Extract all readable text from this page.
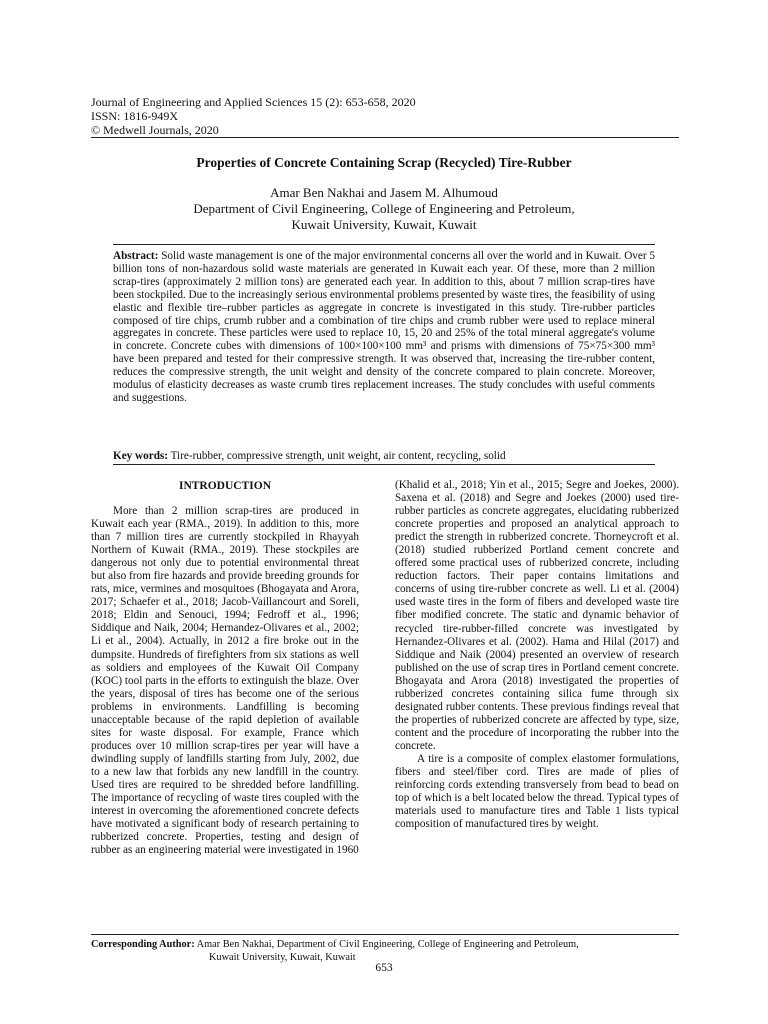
Journal of Engineering and Applied Sciences 15 (2): 653-658, 2020
ISSN: 1816-949X
© Medwell Journals, 2020
Properties of Concrete Containing Scrap (Recycled) Tire-Rubber
Amar Ben Nakhai and Jasem M. Alhumoud
Department of Civil Engineering, College of Engineering and Petroleum,
Kuwait University, Kuwait, Kuwait
Abstract: Solid waste management is one of the major environmental concerns all over the world and in Kuwait. Over 5 billion tons of non-hazardous solid waste materials are generated in Kuwait each year. Of these, more than 2 million scrap-tires (approximately 2 million tons) are generated each year. In addition to this, about 7 million scrap-tires have been stockpiled. Due to the increasingly serious environmental problems presented by waste tires, the feasibility of using elastic and flexible tire–rubber particles as aggregate in concrete is investigated in this study. Tire-rubber particles composed of tire chips, crumb rubber and a combination of tire chips and crumb rubber were used to replace mineral aggregates in concrete. These particles were used to replace 10, 15, 20 and 25% of the total mineral aggregate's volume in concrete. Concrete cubes with dimensions of 100×100×100 mm³ and prisms with dimensions of 75×75×300 mm³ have been prepared and tested for their compressive strength. It was observed that, increasing the tire-rubber content, reduces the compressive strength, the unit weight and density of the concrete compared to plain concrete. Moreover, modulus of elasticity decreases as waste crumb tires replacement increases. The study concludes with useful comments and suggestions.
Key words: Tire-rubber, compressive strength, unit weight, air content, recycling, solid
INTRODUCTION

More than 2 million scrap-tires are produced in Kuwait each year (RMA., 2019). In addition to this, more than 7 million tires are currently stockpiled in Rhayyah Northern of Kuwait (RMA., 2019). These stockpiles are dangerous not only due to potential environmental threat but also from fire hazards and provide breeding grounds for rats, mice, vermines and mosquitoes (Bhogayata and Arora, 2017; Schaefer et al., 2018; Jacob-Vaillancourt and Soreli, 2018; Eldin and Senouci, 1994; Fedroff et al., 1996; Siddique and Naik, 2004; Hernandez-Olivares et al., 2002; Li et al., 2004). Actually, in 2012 a fire broke out in the dumpsite. Hundreds of firefighters from six stations as well as soldiers and employees of the Kuwait Oil Company (KOC) tool parts in the efforts to extinguish the blaze. Over the years, disposal of tires has become one of the serious problems in environments. Landfilling is becoming unacceptable because of the rapid depletion of available sites for waste disposal. For example, France which produces over 10 million scrap-tires per year will have a dwindling supply of landfills starting from July, 2002, due to a new law that forbids any new landfill in the country. Used tires are required to be shredded before landfilling. The importance of recycling of waste tires coupled with the interest in overcoming the aforementioned concrete defects have motivated a significant body of research pertaining to rubberized concrete. Properties, testing and design of rubber as an engineering material were investigated in 1960

(Khalid et al., 2018; Yin et al., 2015; Segre and Joekes, 2000). Saxena et al. (2018) and Segre and Joekes (2000) used tire-rubber particles as concrete aggregates, elucidating rubberized concrete properties and proposed an analytical approach to predict the strength in rubberized concrete. Thorneycroft et al. (2018) studied rubberized Portland cement concrete and offered some practical uses of rubberized concrete, including reduction factors. Their paper contains limitations and concerns of using tire-rubber concrete as well. Li et al. (2004) used waste tires in the form of fibers and developed waste tire fiber modified concrete. The static and dynamic behavior of recycled tire-rubber-filled concrete was investigated by Hernandez-Olivares et al. (2002). Hama and Hilal (2017) and Siddique and Naik (2004) presented an overview of research published on the use of scrap tires in Portland cement concrete. Bhogayata and Arora (2018) investigated the properties of rubberized concretes containing silica fume through six designated rubber contents. These previous findings reveal that the properties of rubberized concrete are affected by type, size, content and the procedure of incorporating the rubber into the concrete.

A tire is a composite of complex elastomer formulations, fibers and steel/fiber cord. Tires are made of plies of reinforcing cords extending transversely from bead to bead on top of which is a belt located below the thread. Typical types of materials used to manufacture tires and Table 1 lists typical composition of manufactured tires by weight.

Corresponding Author: Amar Ben Nakhai, Department of Civil Engineering, College of Engineering and Petroleum,
Kuwait University, Kuwait, Kuwait
653
